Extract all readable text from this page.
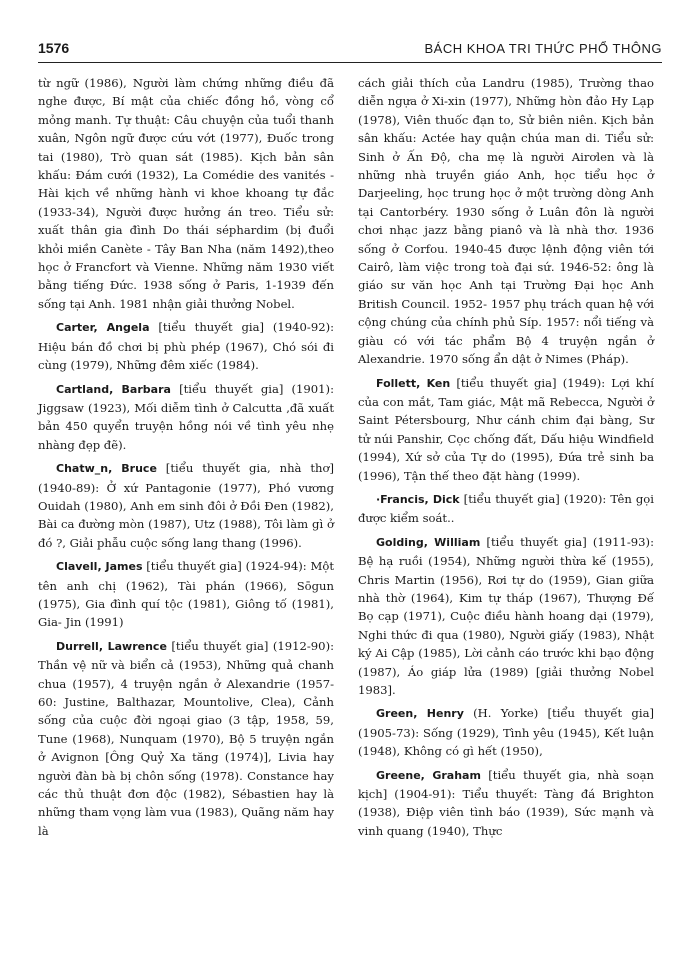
1576	BÁCH KHOA TRI THỨC PHỔ THÔNG

từ ngữ (1986), Người làm chứng những điều đã nghe được, Bí mật của chiếc đồng hồ, vòng cổ mỏng manh. Tự thuật: Câu chuyện của tuổi thanh xuân, Ngôn ngữ được cứu vớt (1977), Đuốc trong tai (1980), Trò quan sát (1985). Kịch bản sân khấu: Đám cưới (1932), La Comédie des vanités - Hài kịch về những hành vi khoe khoang tự đắc (1933-34), Người được hưởng án treo. Tiểu sử: xuất thân gia đình Do thái séphardim (bị đuổi khỏi miền Canète - Tây Ban Nha (năm 1492),theo học ở Francfort và Vienne. Những năm 1930 viết bằng tiếng Đức. 1938 sống ở Paris, 1-1939 đến sống tại Anh. 1981 nhận giải thưởng Nobel.

Carter, Angela [tiểu thuyết gia] (1940-92): Hiệu bán đồ chơi bị phù phép (1967), Chó sói đi cùng (1979), Những đêm xiếc (1984).

Cartland, Barbara [tiểu thuyết gia] (1901): Jiggsaw (1923), Mối diễm tình ở Calcutta ,đã xuất bản 450 quyển truyện hồng nói về tình yêu nhẹ nhàng đẹp đẽ).

Chatw_n, Bruce [tiểu thuyết gia, nhà thơ] (1940-89): Ở xứ Pantagonie (1977), Phó vương Ouidah (1980), Anh em sinh đôi ở Đồi Đen (1982), Bài ca đường mòn (1987), Utz (1988), Tôi làm gì ở đó ?, Giải phẫu cuộc sống lang thang (1996).

Clavell, James [tiểu thuyết gia] (1924-94): Một tên anh chị (1962), Tài phán (1966), Sōgun (1975), Gia đình quí tộc (1981), Giông tố (1981), Gia- Jin (1991)

Durrell, Lawrence [tiểu thuyết gia] (1912-90): Thần vệ nữ và biển cả (1953), Những quả chanh chua (1957), 4 truyện ngắn ở Alexandrie (1957-60: Justine, Balthazar, Mountolive, Clea), Cảnh sống của cuộc đời ngoại giao (3 tập, 1958, 59, Tune (1968), Nunquam (1970), Bộ 5 truyện ngắn ở Avignon [Ông Quỷ Xa tăng (1974)], Livia hay người đàn bà bị chôn sống (1978). Constance hay các thủ thuật đơn độc (1982), Sébastien hay là những tham vọng làm vua (1983), Quãng năm hay là

cách giải thích của Landru (1985), Trường thao diễn ngựa ở Xi-xin (1977), Những hòn đảo Hy Lạp (1978), Viên thuốc đạn to, Sử biên niên. Kịch bản sân khấu: Actée hay quận chúa man di. Tiểu sử: Sinh ở Ấn Độ, cha mẹ là người Airơlen và là những nhà truyền giáo Anh, học tiểu học ở Darjeeling, học trung học ở một trường dòng Anh tại Cantorbéry. 1930 sống ở Luân đôn là người chơi nhạc jazz bằng pianô và là nhà thơ. 1936 sống ở Corfou. 1940-45 được lệnh động viên tới Cairô, làm việc trong toà đại sứ. 1946-52: ông là giáo sư văn học Anh tại Trường Đại học Anh British Council. 1952- 1957 phụ trách quan hệ với cộng chúng của chính phủ Síp. 1957: nổi tiếng và giàu có với tác phẩm Bộ 4 truyện ngắn ở Alexandrie. 1970 sống ẩn dật ở Nimes (Pháp).

Follett, Ken [tiểu thuyết gia] (1949): Lợi khí của con mắt, Tam giác, Mật mã Rebecca, Người ở Saint Pétersbourg, Như cánh chim đại bàng, Sư tử núi Panshir, Cọc chống đất, Dấu hiệu Windfield (1994), Xứ sở của Tự do (1995), Đứa trẻ sinh ba (1996), Tận thế theo đặt hàng (1999).

·Francis, Dick [tiểu thuyết gia] (1920): Tên gọi được kiểm soát..

Golding, William [tiểu thuyết gia] (1911-93): Bệ hạ ruồi (1954), Những người thừa kế (1955), Chris Martin (1956), Rơi tự do (1959), Gian giữa nhà thờ (1964), Kim tự tháp (1967), Thượng Đế Bọ cạp (1971), Cuộc điều hành hoang dại (1979), Nghi thức đi qua (1980), Người giấy (1983), Nhật ký Ai Cập (1985), Lời cảnh cáo trước khi bạo động (1987), Áo giáp lửa (1989) [giải thưởng Nobel 1983].

Green, Henry (H. Yorke) [tiểu thuyết gia] (1905-73): Sống (1929), Tình yêu (1945), Kết luận (1948), Không có gì hết (1950),

Greene, Graham [tiểu thuyết gia, nhà soạn kịch] (1904-91): Tiểu thuyết: Tàng đá Brighton (1938), Điệp viên tình báo (1939), Sức mạnh và vinh quang (1940), Thực
